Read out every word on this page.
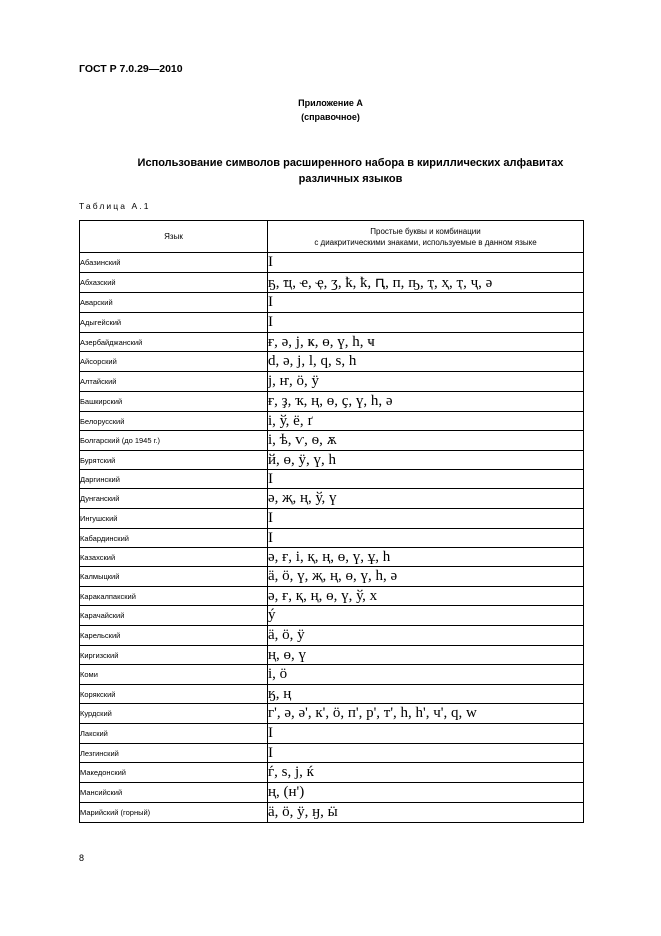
ГОСТ Р 7.0.29—2010
Приложение А
(справочное)
Использование символов расширенного набора в кириллических алфавитах
различных языков
Таблица А.1
Язык	Простые буквы и комбинации
с диакритическими знаками, используемые в данном языке

Абазинский	Ӏ
Абхазский	ҕ, ҵ, ҽ, ҿ, ӡ, ҟ, ҟ, ԥ, п, ҧ, ҭ, ҳ, ҭ, ҷ, ә
Аварский	Ӏ
Адыгейский	Ӏ
Азербайджанский	ғ, ә, ј, ҝ, ө, ү, һ, ҹ
Айсорский	d, ә, j, l, q, s, h
Алтайский	ј, ҥ, ӧ, ӱ
Башкирский	ғ, ҙ, ҡ, ң, ө, ҫ, ү, һ, ә
Белорусский	і, ў, ё, ґ
Болгарский (до 1945 г.)	і, ѣ, ѵ, ѳ, ѫ
Бурятский	й, ө, ӱ, ү, һ
Даргинский	Ӏ
Дунганский	ә, җ, ң, ў, ү
Ингушский	Ӏ
Кабардинский	Ӏ
Казахский	ә, ғ, і, қ, ң, ө, ү, ұ, һ
Калмыцкий	ӓ, ӧ, ү, җ, ң, ө, ү, һ, ә
Каракалпакский	ә, ғ, қ, ң, ө, ү, ў, х
Карачайский	ý
Карельский	ӓ, ӧ, ӱ
Киргизский	ң, ө, ү
Коми	і, ӧ
Корякский	ӄ, ң
Курдский	г', ә, ә', к', ӧ, п', р', т', һ, һ', ч', q, w
Лакский	Ӏ
Лезгинский	Ӏ
Македонский	ѓ, ѕ, ј, ќ
Мансийский	ң, (н')
Марийский (горный)	ӓ, ӧ, ӱ, ӈ, ӹ
8
